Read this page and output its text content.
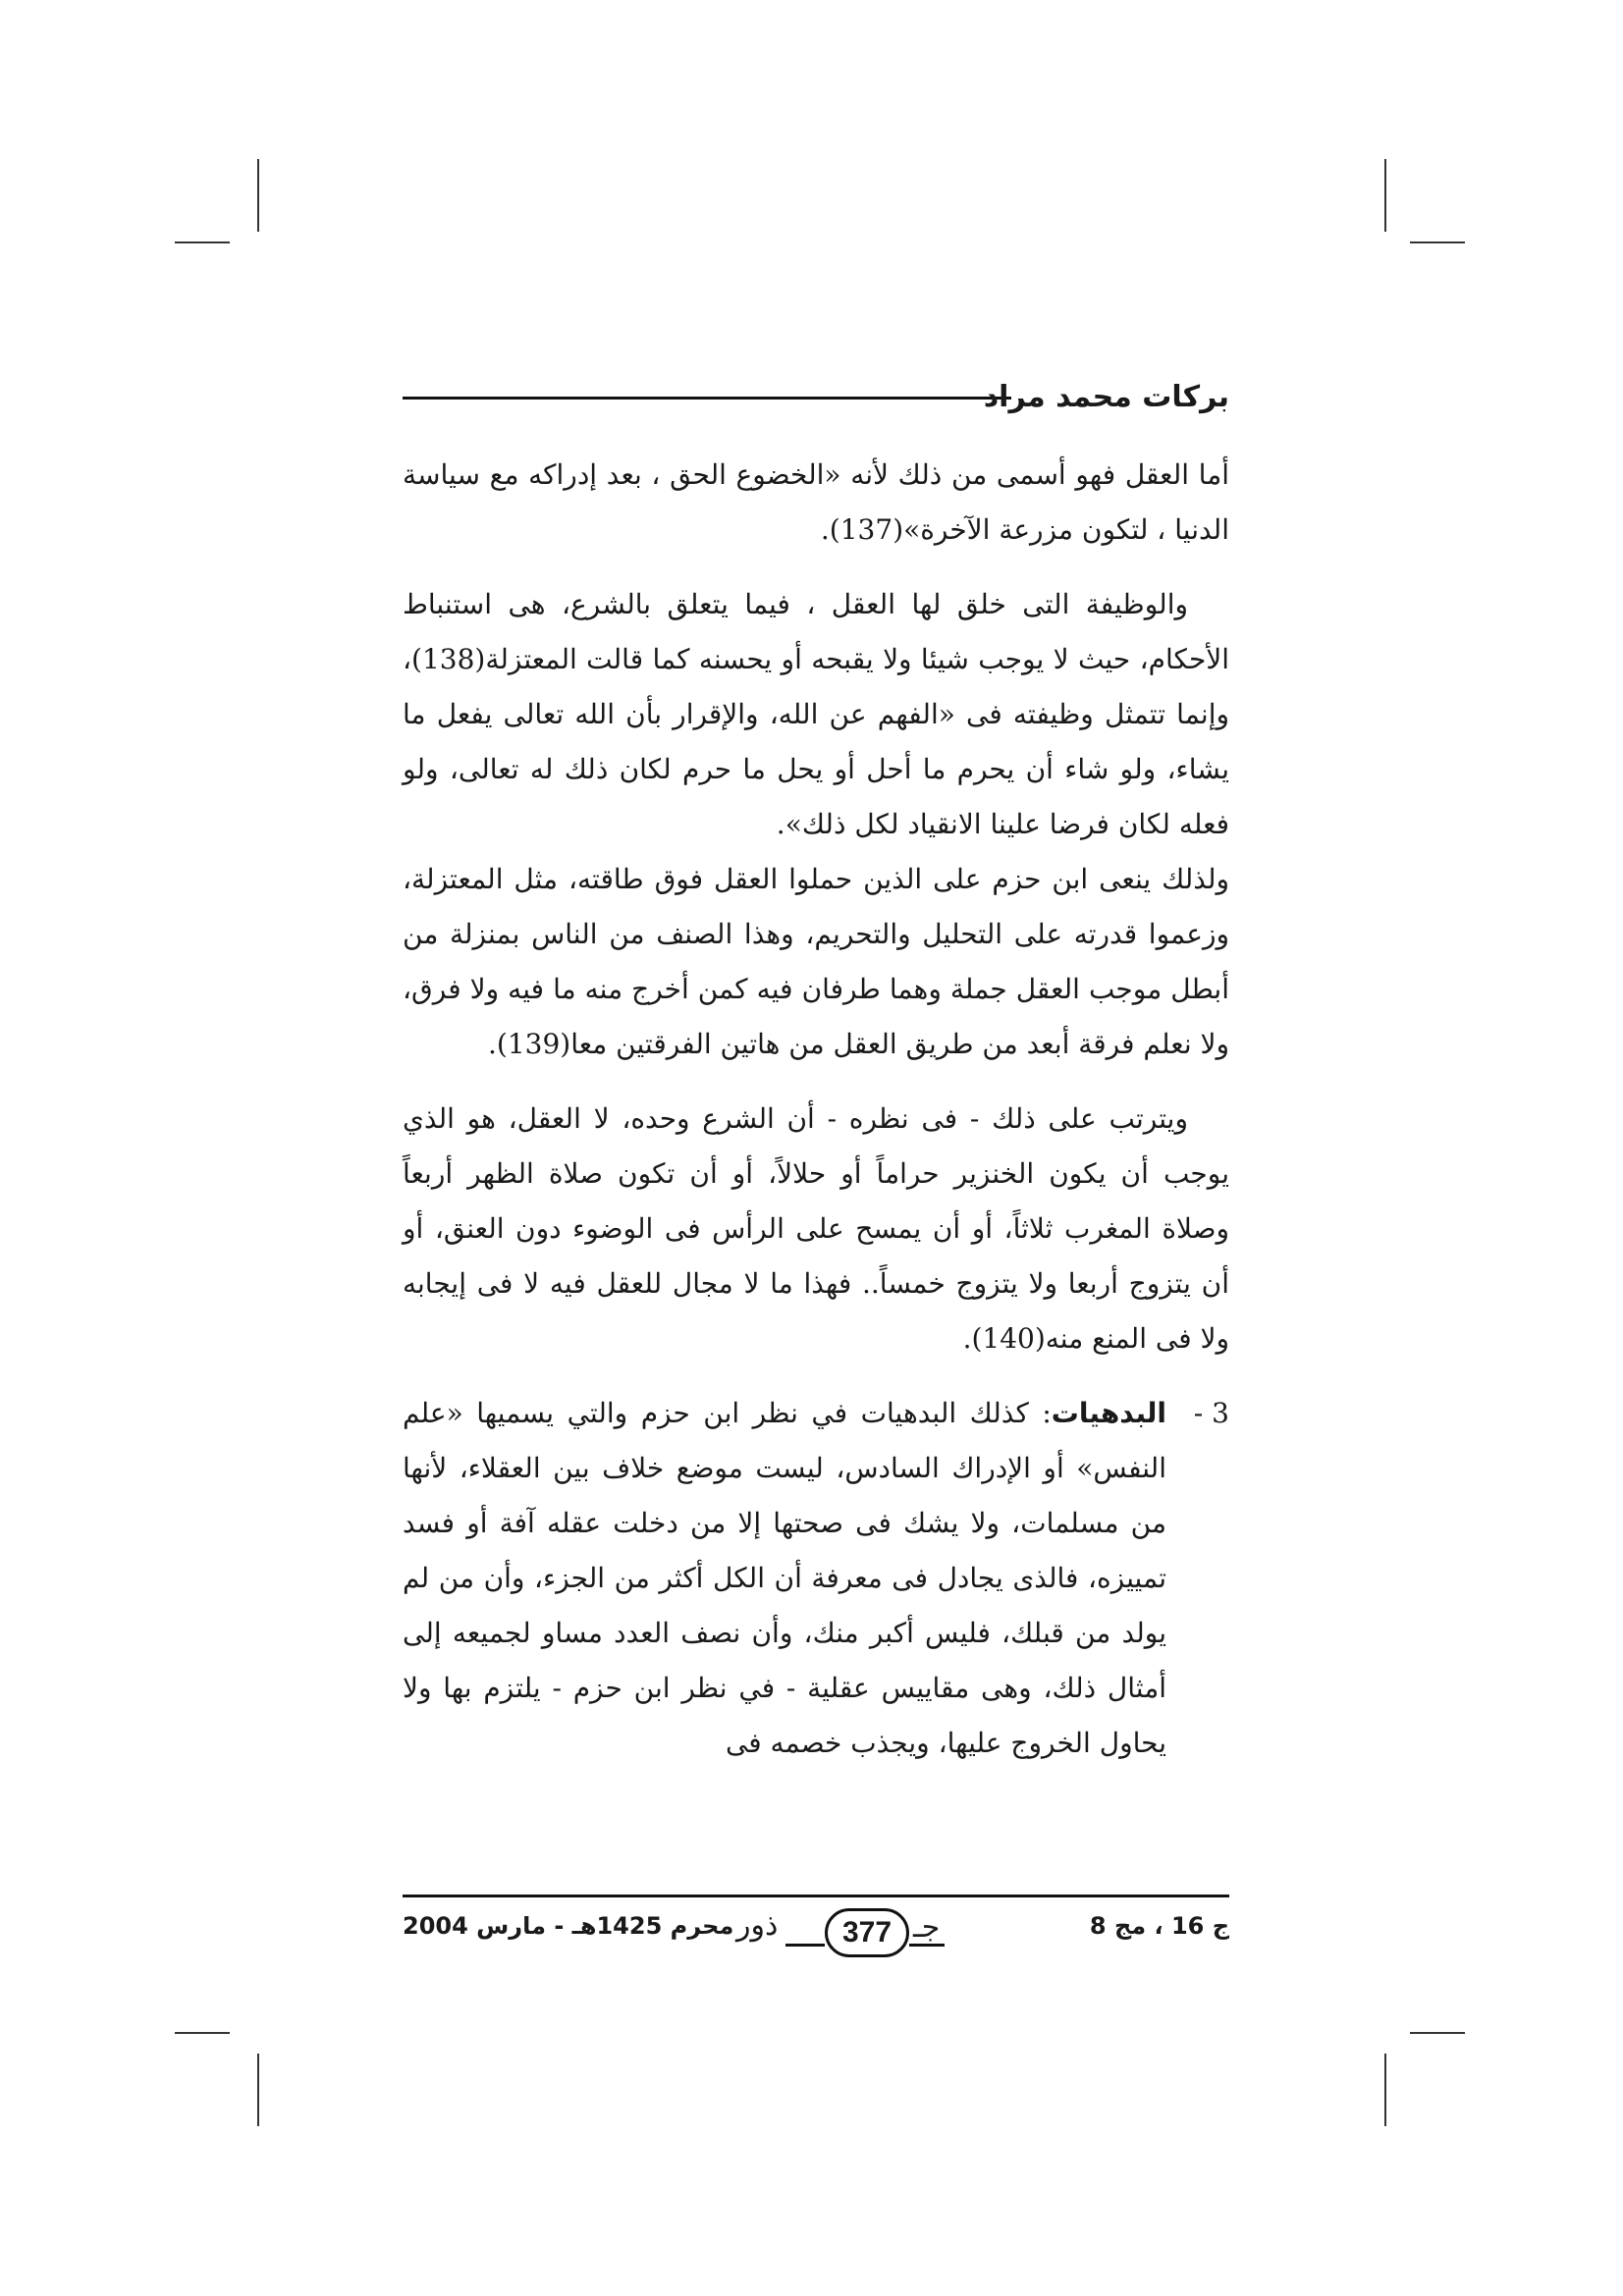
بركات محمد مراد

أما العقل فهو أسمى من ذلك لأنه «الخضوع الحق ، بعد إدراكه مع سياسة الدنيا ، لتكون مزرعة الآخرة»(137).

والوظيفة التى خلق لها العقل ، فيما يتعلق بالشرع، هى استنباط الأحكام، حيث لا يوجب شيئا ولا يقبحه أو يحسنه كما قالت المعتزلة(138)، وإنما تتمثل وظيفته فى «الفهم عن الله، والإقرار بأن الله تعالى يفعل ما يشاء، ولو شاء أن يحرم ما أحل أو يحل ما حرم لكان ذلك له تعالى، ولو فعله لكان فرضا علينا الانقياد لكل ذلك».

ولذلك ينعى ابن حزم على الذين حملوا العقل فوق طاقته، مثل المعتزلة، وزعموا قدرته على التحليل والتحريم، وهذا الصنف من الناس بمنزلة من أبطل موجب العقل جملة وهما طرفان فيه كمن أخرج منه ما فيه ولا فرق، ولا نعلم فرقة أبعد من طريق العقل من هاتين الفرقتين معا(139).

ويترتب على ذلك - فى نظره - أن الشرع وحده، لا العقل، هو الذي يوجب أن يكون الخنزير حراماً أو حلالاً، أو أن تكون صلاة الظهر أربعاً وصلاة المغرب ثلاثاً، أو أن يمسح على الرأس فى الوضوء دون العنق، أو أن يتزوج أربعا ولا يتزوج خمساً.. فهذا ما لا مجال للعقل فيه لا فى إيجابه ولا فى المنع منه(140).

3 -
البدهيات: كذلك البدهيات في نظر ابن حزم والتي يسميها «علم النفس» أو الإدراك السادس، ليست موضع خلاف بين العقلاء، لأنها من مسلمات، ولا يشك فى صحتها إلا من دخلت عقله آفة أو فسد تمييزه، فالذى يجادل فى معرفة أن الكل أكثر من الجزء، وأن من لم يولد من قبلك، فليس أكبر منك، وأن نصف العدد مساو لجميعه إلى أمثال ذلك، وهى مقاييس عقلية - في نظر ابن حزم - يلتزم بها ولا يحاول الخروج عليها، ويجذب خصمه فى
ج 16 ، مج 8
ذور	377 جـ
محرم 1425هـ - مارس 2004
